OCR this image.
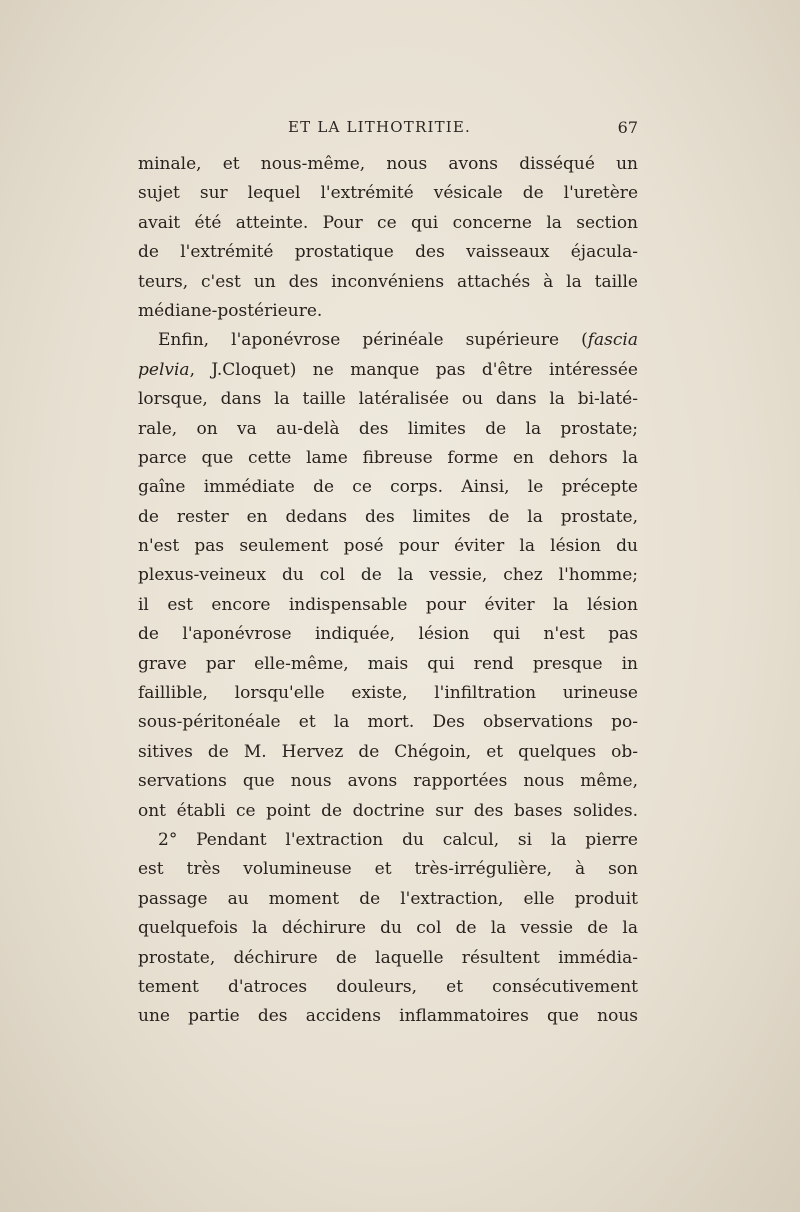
ET LA LITHOTRITIE.	67
minale, et nous-même, nous avons disséqué un
sujet sur lequel l'extrémité vésicale de l'uretère
avait été atteinte. Pour ce qui concerne la section
de l'extrémité prostatique des vaisseaux éjacula-
teurs, c'est un des inconvéniens attachés à la taille
médiane-postérieure.
Enfin, l'aponévrose périnéale supérieure (fascia
pelvia, J.Cloquet) ne manque pas d'être intéressée
lorsque, dans la taille latéralisée ou dans la bi-laté-
rale, on va au-delà des limites de la prostate;
parce que cette lame fibreuse forme en dehors la
gaîne immédiate de ce corps. Ainsi, le précepte
de rester en dedans des limites de la prostate,
n'est pas seulement posé pour éviter la lésion du
plexus-veineux du col de la vessie, chez l'homme;
il est encore indispensable pour éviter la lésion
de l'aponévrose indiquée, lésion qui n'est pas
grave par elle-même, mais qui rend presque in
faillible, lorsqu'elle existe, l'infiltration urineuse
sous-péritonéale et la mort. Des observations po-
sitives de M. Hervez de Chégoin, et quelques ob-
servations que nous avons rapportées nous même,
ont établi ce point de doctrine sur des bases solides.
2° Pendant l'extraction du calcul, si la pierre
est très volumineuse et très-irrégulière, à son
passage au moment de l'extraction, elle produit
quelquefois la déchirure du col de la vessie de la
prostate, déchirure de laquelle résultent immédia-
tement d'atroces douleurs, et consécutivement
une partie des accidens inflammatoires que nous
